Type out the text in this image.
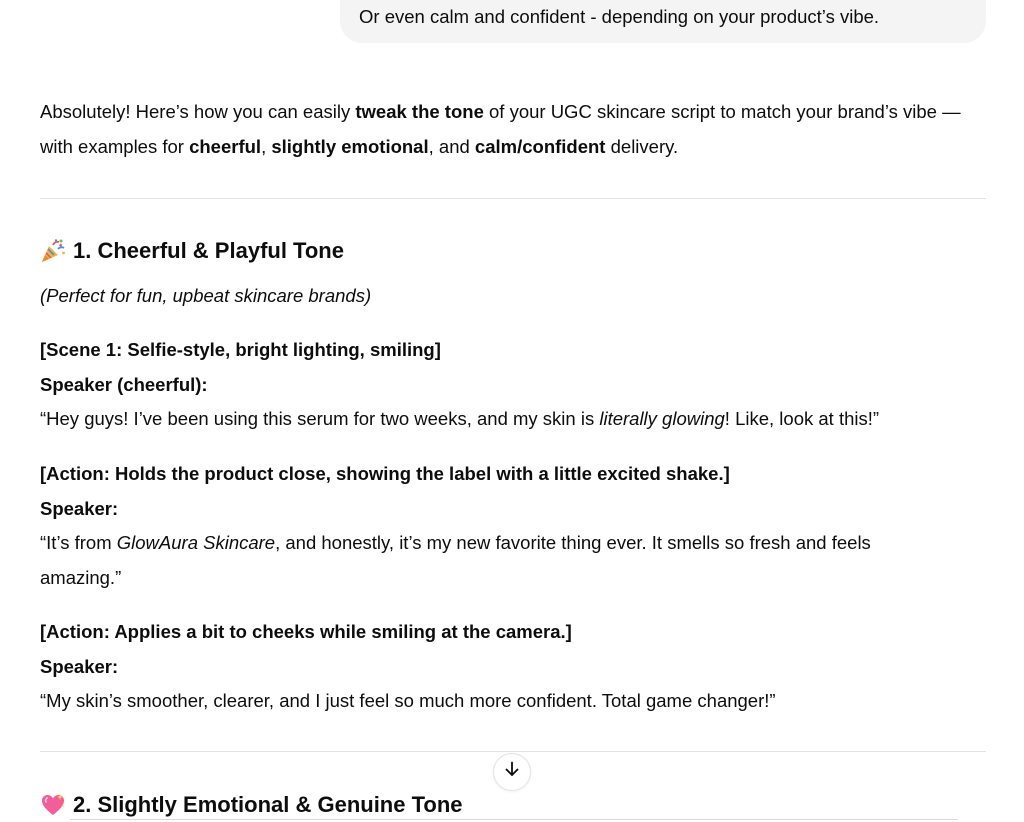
Or even calm and confident - depending on your product’s vibe.

Absolutely! Here’s how you can easily tweak the tone of your UGC skincare script to match your brand’s vibe — with examples for cheerful, slightly emotional, and calm/confident delivery.

1. Cheerful & Playful Tone

(Perfect for fun, upbeat skincare brands)

[Scene 1: Selfie-style, bright lighting, smiling]
Speaker (cheerful):
“Hey guys! I’ve been using this serum for two weeks, and my skin is literally glowing! Like, look at this!”
[Action: Holds the product close, showing the label with a little excited shake.]
Speaker:
“It’s from GlowAura Skincare, and honestly, it’s my new favorite thing ever. It smells so fresh and feels amazing.”
[Action: Applies a bit to cheeks while smiling at the camera.]
Speaker:
“My skin’s smoother, clearer, and I just feel so much more confident. Total game changer!”
2. Slightly Emotional & Genuine Tone
